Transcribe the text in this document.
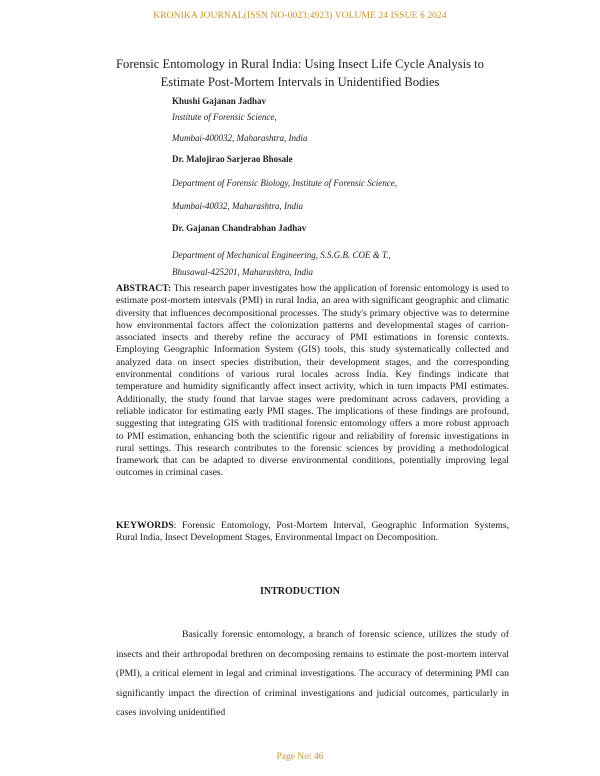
KRONIKA JOURNAL(ISSN NO-0023:4923) VOLUME 24 ISSUE 6 2024
Forensic Entomology in Rural India: Using Insect Life Cycle Analysis to
Estimate Post-Mortem Intervals in Unidentified Bodies

Khushi Gajanan Jadhav

Institute of Forensic Science,

Mumbai-400032, Maharashtra, India

Dr. Malojirao Sarjerao Bhosale

Department of Forensic Biology, Institute of Forensic Science,

Mumbai-40032, Maharashtra, India

Dr. Gajanan Chandrabhan Jadhav

Department of Mechanical Engineering, S.S.G.B. COE & T.,

Bhusawal-425201, Maharashtra, India

ABSTRACT: This research paper investigates how the application of forensic entomology is used to estimate post-mortem intervals (PMI) in rural India, an area with significant geographic and climatic diversity that influences decompositional processes. The study's primary objective was to determine how environmental factors affect the colonization patterns and developmental stages of carrion-associated insects and thereby refine the accuracy of PMI estimations in forensic contexts. Employing Geographic Information System (GIS) tools, this study systematically collected and analyzed data on insect species distribution, their development stages, and the corresponding environmental conditions of various rural locales across India. Key findings indicate that temperature and humidity significantly affect insect activity, which in turn impacts PMI estimates. Additionally, the study found that larvae stages were predominant across cadavers, providing a reliable indicator for estimating early PMI stages. The implications of these findings are profound, suggesting that integrating GIS with traditional forensic entomology offers a more robust approach to PMI estimation, enhancing both the scientific rigour and reliability of forensic investigations in rural settings. This research contributes to the forensic sciences by providing a methodological framework that can be adapted to diverse environmental conditions, potentially improving legal outcomes in criminal cases.

KEYWORDS: Forensic Entomology, Post-Mortem Interval, Geographic Information Systems, Rural India, Insect Development Stages, Environmental Impact on Decomposition.

INTRODUCTION

Basically forensic entomology, a branch of forensic science, utilizes the study of insects and their arthropodal brethren on decomposing remains to estimate the post-mortem interval (PMI), a critical element in legal and criminal investigations. The accuracy of determining PMI can significantly impact the direction of criminal investigations and judicial outcomes, particularly in cases involving unidentified

Page No: 46
